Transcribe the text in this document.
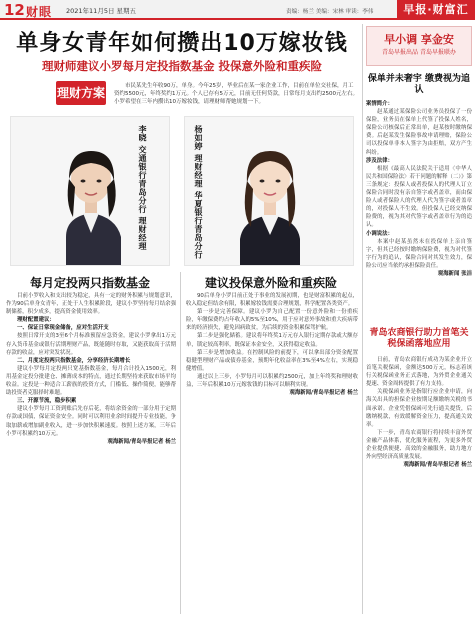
12 财眼 2021年11月5日 星期五	责编：杨兰 美编：宋林 审读：李伟	早报·财富汇
单身女青年如何攒出10万嫁妆钱
理财师建议小罗每月定投指数基金 投保意外险和重疾险
理财方案	市民某先生年收90万，单身。今年25岁，毕业后在某一家企业工作，目前在单位交社保，月工资约5500元，年终奖约1万元。个人已存有5万元，目前无任何贷款，日常每月支出约2500元左右。小罗希望在三年内攒出10万嫁妆钱，请理财师帮她规划一下。
李晓 交通银行青岛分行 理财经理	杨如婷 理财经理 华夏银行青岛分行
每月定投两只指数基金

目前小罗收入和支出较为稳定，具有一定的财务积累与规划意识，作为90后单身女青年，正处于人生积累阶段，建议小罗坚持每月结余强制储蓄，积少成多，提高资金使用效率。

理财配置建议：

一、保证日常现金储备，应对生活开支

按照日常开支的3至6个月标准预留应急资金，建议小罗拿出1万元存入货币基金或银行活期理财产品，既能随时存取，又能获取高于活期存款的收益，应对突发状况。

二、月度定投两只指数基金，分享经济长期增长

建议小罗每月定投两只宽基指数基金，每月合计投入1500元，利用基金定投分批建仓、摊薄成本的特点，通过长期坚持来获取市场平均收益。定投是一种适合工薪族的投资方式，门槛低、操作简便，能够帮助投资者克服择时难题。

三、开源节流，稳步积累

建议小罗每月工资到账后先存后花，将结余资金的一部分用于定期存款或国债，保证资金安全。同时可以利用业余时间提升专业技能，争取加薪或增加副业收入，进一步加快积累速度。按照上述方案，三年后小罗可积累约10万元。

观海新闻/青岛早报记者 杨兰

建议投保意外险和重疾险

90后单身小罗目前正处于事业的发展初期，也是财富积累的起点，收入稳定但结余有限，积累嫁妆钱需要合理规划，科学配置各类资产。

第一步是完善保障。建议小罗为自己配置一份意外险和一份重疾险，年缴保费约占年收入的5%至10%，用于应对意外事故和重大疾病带来的经济损失，避免因病致贫，为后续的资金积累保驾护航。

第二步是强化储蓄。建议将年终奖1万元存入银行定期存款或大额存单，锁定较高利率，既保证本金安全，又获得稳定收益。

第三步是增加收益。在控制风险的前提下，可以拿出部分资金配置稳健型理财产品或债券基金，预期年化收益率在3%至4%左右，实现稳健增值。

通过以上三步，小罗每月可以积累约2500元，加上年终奖和理财收益，三年后积累10万元嫁妆钱的目标可以顺利实现。

观海新闻/青岛早报记者 杨兰

早小调 享金安
青岛早报出品 青岛早报联办
保单并未奢宇 缴费视为追认

案情简介：

赵某通过某保险公司业务员投保了一份保险，业务员在保单上代签了投保人姓名，保险公司核保后正常出单，赵某按时缴纳保费。后赵某发生保险事故申请理赔，保险公司以投保单非本人签字为由拒赔，双方产生纠纷。

涉及法律：

根据《最高人民法院关于适用〈中华人民共和国保险法〉若干问题的解释（二）》第三条规定：投保人或者投保人的代理人订立保险合同时没有亲自签字或者盖章，而由保险人或者保险人的代理人代为签字或者盖章的，对投保人不生效。但投保人已经交纳保险费的，视为其对代签字或者盖章行为的追认。

小调说法：

本案中赵某虽然未在投保单上亲自签字，但其已经按时缴纳保险费，视为对代签字行为的追认，保险合同对其发生效力，保险公司应当依约承担保险责任。

观海新闻 张洁

青岛农商银行助力首笔关税保函落地应用

日前，青岛农商银行成功为某企业开立首笔关税保函，金额达500万元，标志着该行关税保函业务正式落地，为外贸企业通关提速、资金周转提供了有力支持。

关税保函业务是指银行应企业申请，向海关出具的担保企业按期足额缴纳关税的书面承诺。企业凭借保函可先行通关提货，后缴纳税款，有效缓解资金压力，提高通关效率。

下一步，青岛农商银行将持续丰富外贸金融产品体系，优化服务流程，为更多外贸企业提供便捷、高效的金融服务，助力地方外向型经济高质量发展。

观海新闻/青岛早报记者 杨兰
